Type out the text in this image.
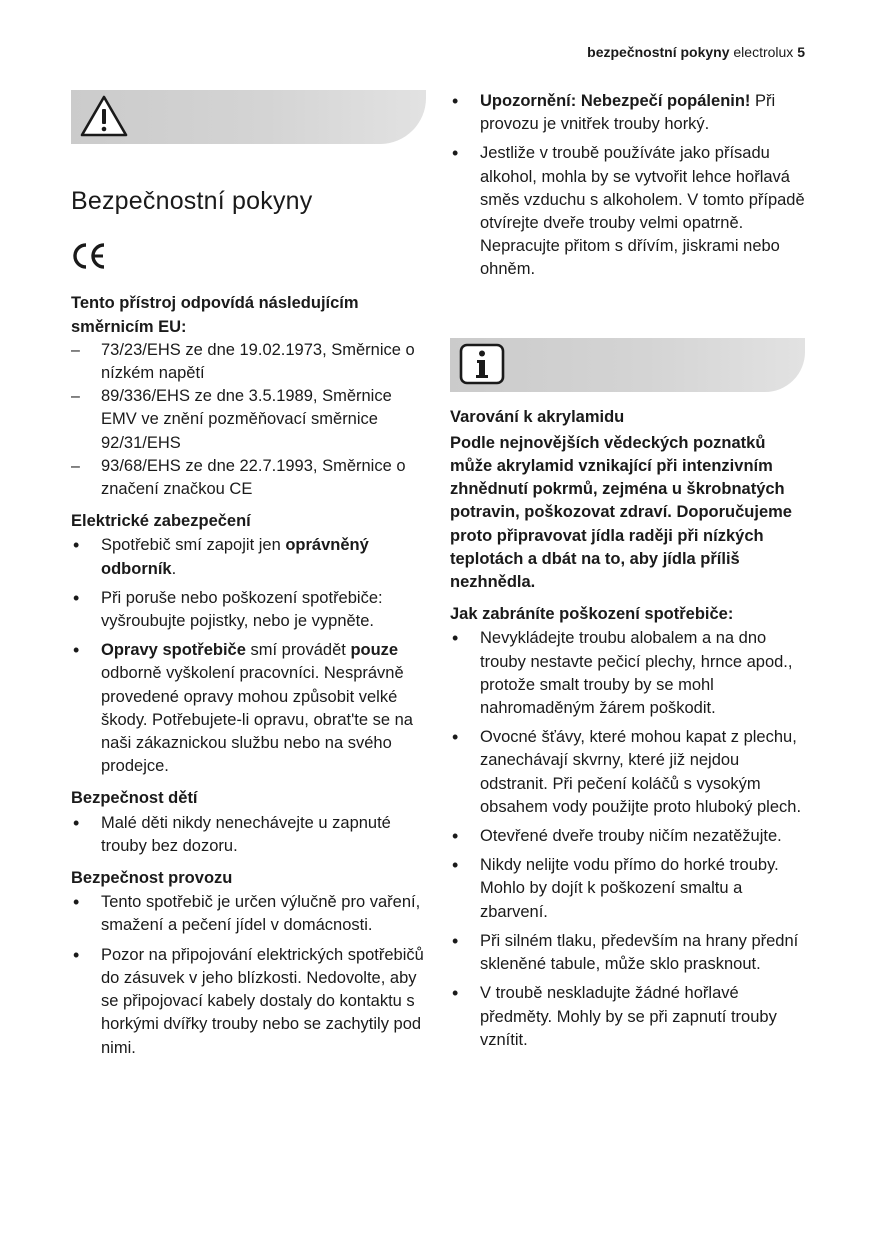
bezpečnostní pokyny electrolux 5
Bezpečnostní pokyny

Tento přístroj odpovídá následujícím směrnicím EU:

– 73/23/EHS ze dne 19.02.1973, Směrnice o nízkém napětí
– 89/336/EHS ze dne 3.5.1989, Směrnice EMV ve znění pozměňovací směrnice 92/31/EHS
– 93/68/EHS ze dne 22.7.1993, Směrnice o značení značkou CE

Elektrické zabezpečení

• Spotřebič smí zapojit jen oprávněný odborník.
• Při poruše nebo poškození spotřebiče: vyšroubujte pojistky, nebo je vypněte.
• Opravy spotřebiče smí provádět pouze odborně vyškolení pracovníci. Nesprávně provedené opravy mohou způsobit velké škody. Potřebujete-li opravu, obrat'te se na naši zákaznickou službu nebo na svého prodejce.

Bezpečnost dětí

• Malé děti nikdy nenechávejte u zapnuté trouby bez dozoru.

Bezpečnost provozu

• Tento spotřebič je určen výlučně pro vaření, smažení a pečení jídel v domácnosti.
• Pozor na připojování elektrických spotřebičů do zásuvek v jeho blízkosti. Nedovolte, aby se připojovací kabely dostaly do kontaktu s horkými dvířky trouby nebo se zachytily pod nimi.
• Upozornění: Nebezpečí popálenin! Při provozu je vnitřek trouby horký.
• Jestliže v troubě používáte jako přísadu alkohol, mohla by se vytvořit lehce hořlavá směs vzduchu s alkoholem. V tomto případě otvírejte dveře trouby velmi opatrně. Nepracujte přitom s dřívím, jiskrami nebo ohněm.

Varování k akrylamidu

Podle nejnovějších vědeckých poznatků může akrylamid vznikající při intenzivním zhnědnutí pokrmů, zejména u škrobnatých potravin, poškozovat zdraví. Doporučujeme proto připravovat jídla raději při nízkých teplotách a dbát na to, aby jídla příliš nezhnědla.

Jak zabráníte poškození spotřebiče:

• Nevykládejte troubu alobalem a na dno trouby nestavte pečicí plechy, hrnce apod., protože smalt trouby by se mohl nahromaděným žárem poškodit.
• Ovocné šťávy, které mohou kapat z plechu, zanechávají skvrny, které již nejdou odstranit. Při pečení koláčů s vysokým obsahem vody použijte proto hluboký plech.
• Otevřené dveře trouby ničím nezatěžujte.
• Nikdy nelijte vodu přímo do horké trouby. Mohlo by dojít k poškození smaltu a zbarvení.
• Při silném tlaku, především na hrany přední skleněné tabule, může sklo prasknout.
• V troubě neskladujte žádné hořlavé předměty. Mohly by se při zapnutí trouby vznítit.
